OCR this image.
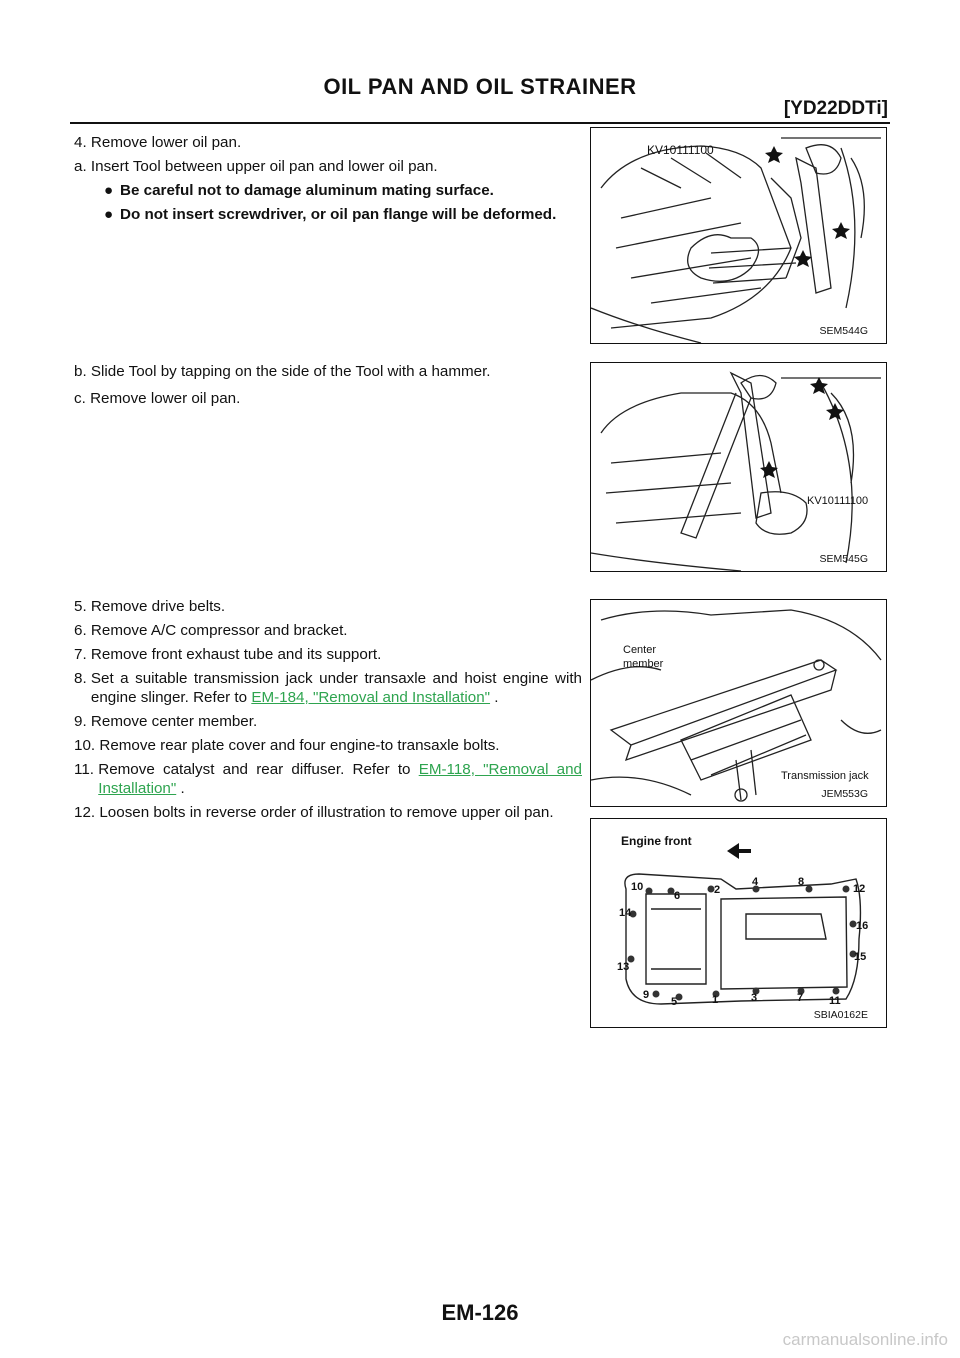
OIL PAN AND OIL STRAINER
[YD22DDTi]
4.
Remove lower oil pan.
a.
Insert Tool between upper oil pan and lower oil pan.
● Be careful not to damage aluminum mating surface.
● Do not insert screwdriver, or oil pan flange will be deformed.
b.
Slide Tool by tapping on the side of the Tool with a hammer.
c.
Remove lower oil pan.
5.
Remove drive belts.
6.
Remove A/C compressor and bracket.
7.
Remove front exhaust tube and its support.
8.
Set a suitable transmission jack under transaxle and hoist engine with engine slinger. Refer to EM-184, "Removal and Installation" .
9.
Remove center member.
10.
Remove rear plate cover and four engine-to transaxle bolts.
11.
Remove catalyst and rear diffuser. Refer to EM-118, "Removal and Installation" .
12.
Loosen bolts in reverse order of illustration to remove upper oil pan.
KV10111100
SEM544G
KV10111100
SEM545G
Center
member
Transmission jack
JEM553G
Engine front
1
2
3
4
5
6
7
8
9
10
11
12
13
14
15
16
SBIA0162E
EM-126
carmanualsonline.info
